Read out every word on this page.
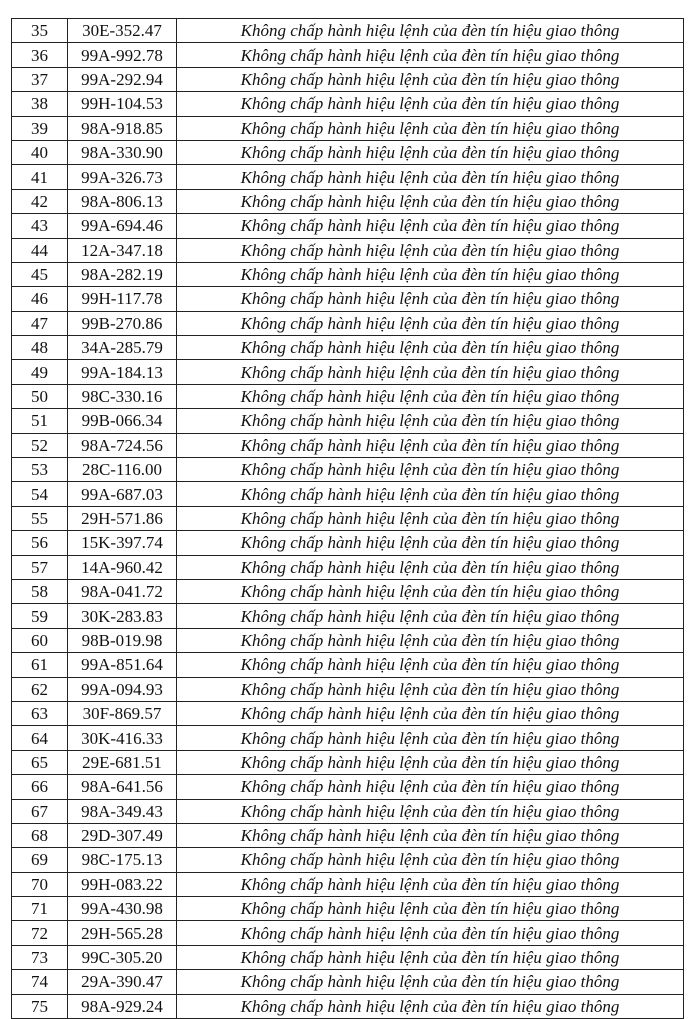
35	30E-352.47	Không chấp hành hiệu lệnh của đèn tín hiệu giao thông
36	99A-992.78	Không chấp hành hiệu lệnh của đèn tín hiệu giao thông
37	99A-292.94	Không chấp hành hiệu lệnh của đèn tín hiệu giao thông
38	99H-104.53	Không chấp hành hiệu lệnh của đèn tín hiệu giao thông
39	98A-918.85	Không chấp hành hiệu lệnh của đèn tín hiệu giao thông
40	98A-330.90	Không chấp hành hiệu lệnh của đèn tín hiệu giao thông
41	99A-326.73	Không chấp hành hiệu lệnh của đèn tín hiệu giao thông
42	98A-806.13	Không chấp hành hiệu lệnh của đèn tín hiệu giao thông
43	99A-694.46	Không chấp hành hiệu lệnh của đèn tín hiệu giao thông
44	12A-347.18	Không chấp hành hiệu lệnh của đèn tín hiệu giao thông
45	98A-282.19	Không chấp hành hiệu lệnh của đèn tín hiệu giao thông
46	99H-117.78	Không chấp hành hiệu lệnh của đèn tín hiệu giao thông
47	99B-270.86	Không chấp hành hiệu lệnh của đèn tín hiệu giao thông
48	34A-285.79	Không chấp hành hiệu lệnh của đèn tín hiệu giao thông
49	99A-184.13	Không chấp hành hiệu lệnh của đèn tín hiệu giao thông
50	98C-330.16	Không chấp hành hiệu lệnh của đèn tín hiệu giao thông
51	99B-066.34	Không chấp hành hiệu lệnh của đèn tín hiệu giao thông
52	98A-724.56	Không chấp hành hiệu lệnh của đèn tín hiệu giao thông
53	28C-116.00	Không chấp hành hiệu lệnh của đèn tín hiệu giao thông
54	99A-687.03	Không chấp hành hiệu lệnh của đèn tín hiệu giao thông
55	29H-571.86	Không chấp hành hiệu lệnh của đèn tín hiệu giao thông
56	15K-397.74	Không chấp hành hiệu lệnh của đèn tín hiệu giao thông
57	14A-960.42	Không chấp hành hiệu lệnh của đèn tín hiệu giao thông
58	98A-041.72	Không chấp hành hiệu lệnh của đèn tín hiệu giao thông
59	30K-283.83	Không chấp hành hiệu lệnh của đèn tín hiệu giao thông
60	98B-019.98	Không chấp hành hiệu lệnh của đèn tín hiệu giao thông
61	99A-851.64	Không chấp hành hiệu lệnh của đèn tín hiệu giao thông
62	99A-094.93	Không chấp hành hiệu lệnh của đèn tín hiệu giao thông
63	30F-869.57	Không chấp hành hiệu lệnh của đèn tín hiệu giao thông
64	30K-416.33	Không chấp hành hiệu lệnh của đèn tín hiệu giao thông
65	29E-681.51	Không chấp hành hiệu lệnh của đèn tín hiệu giao thông
66	98A-641.56	Không chấp hành hiệu lệnh của đèn tín hiệu giao thông
67	98A-349.43	Không chấp hành hiệu lệnh của đèn tín hiệu giao thông
68	29D-307.49	Không chấp hành hiệu lệnh của đèn tín hiệu giao thông
69	98C-175.13	Không chấp hành hiệu lệnh của đèn tín hiệu giao thông
70	99H-083.22	Không chấp hành hiệu lệnh của đèn tín hiệu giao thông
71	99A-430.98	Không chấp hành hiệu lệnh của đèn tín hiệu giao thông
72	29H-565.28	Không chấp hành hiệu lệnh của đèn tín hiệu giao thông
73	99C-305.20	Không chấp hành hiệu lệnh của đèn tín hiệu giao thông
74	29A-390.47	Không chấp hành hiệu lệnh của đèn tín hiệu giao thông
75	98A-929.24	Không chấp hành hiệu lệnh của đèn tín hiệu giao thông
